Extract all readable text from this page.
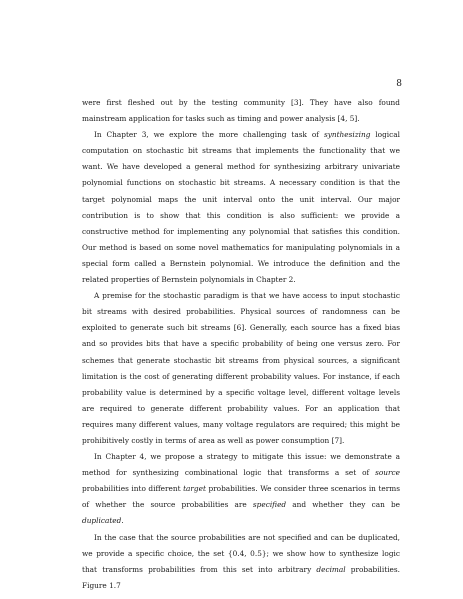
8

were first fleshed out by the testing community [3]. They have also found mainstream application for tasks such as timing and power analysis [4, 5].

In Chapter 3, we explore the more challenging task of synthesizing logical computation on stochastic bit streams that implements the functionality that we want. We have developed a general method for synthesizing arbitrary univariate polynomial functions on stochastic bit streams. A necessary condition is that the target polynomial maps the unit interval onto the unit interval. Our major contribution is to show that this condition is also sufficient: we provide a constructive method for implementing any polynomial that satisfies this condition. Our method is based on some novel mathematics for manipulating polynomials in a special form called a Bernstein polynomial. We introduce the definition and the related properties of Bernstein polynomials in Chapter 2.

A premise for the stochastic paradigm is that we have access to input stochastic bit streams with desired probabilities. Physical sources of randomness can be exploited to generate such bit streams [6]. Generally, each source has a fixed bias and so provides bits that have a specific probability of being one versus zero. For schemes that generate stochastic bit streams from physical sources, a significant limitation is the cost of generating different probability values. For instance, if each probability value is determined by a specific voltage level, different voltage levels are required to generate different probability values. For an application that requires many different values, many voltage regulators are required; this might be prohibitively costly in terms of area as well as power consumption [7].

In Chapter 4, we propose a strategy to mitigate this issue: we demonstrate a method for synthesizing combinational logic that transforms a set of source probabilities into different target probabilities. We consider three scenarios in terms of whether the source probabilities are specified and whether they can be duplicated.

In the case that the source probabilities are not specified and can be duplicated, we provide a specific choice, the set {0.4, 0.5}; we show how to synthesize logic that transforms probabilities from this set into arbitrary decimal probabilities. Figure 1.7
